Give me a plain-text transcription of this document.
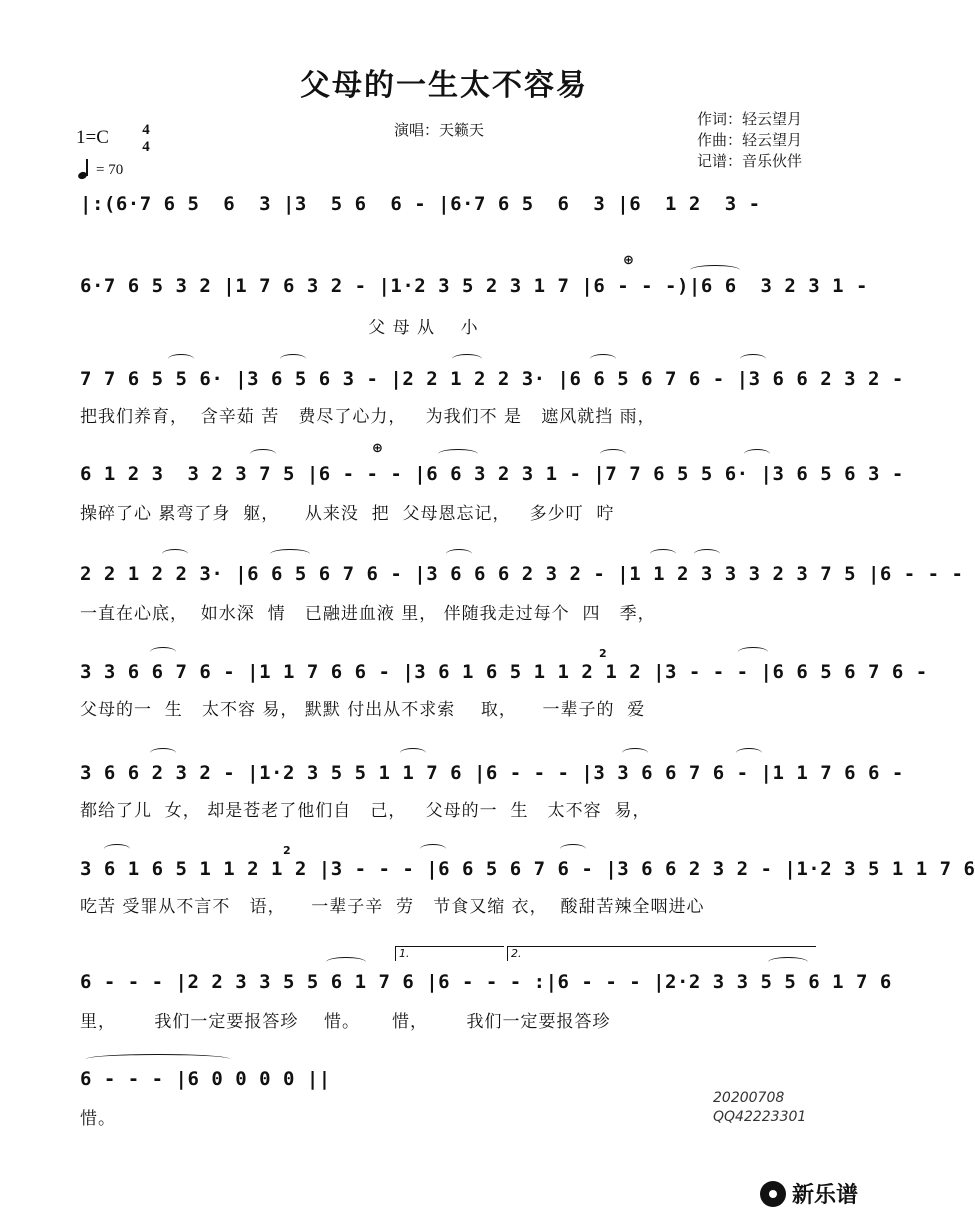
父母的一生太不容易
1=C 4
4
= 70
演唱：天籁天
作词：轻云望月
作曲：轻云望月
记谱：音乐伙伴
|:(6·7 6 5  6  3 |3  5 6  6 - |6·7 6 5  6  3 |6  1 2  3 -
⊕
6·7 6 5 3 2 |1 7 6 3 2 - |1·2 3 5 2 3 1 7 |6 - - -)|6 6  3 2 3 1 -
父 母 从    小
7 7 6 5 5 6· |3 6 5 6 3 - |2 2 1 2 2 3· |6 6 5 6 7 6 - |3 6 6 2 3 2 -
把我们养育，  含辛茹 苦   费尽了心力，   为我们不 是   遮风就挡 雨，
⊕
6 1 2 3  3 2 3 7 5 |6 - - - |6 6 3 2 3 1 - |7 7 6 5 5 6· |3 6 5 6 3 -
操碎了心 累弯了身  躯，    从来没  把  父母恩忘记，   多少叮  咛
2 2 1 2 2 3· |6 6 5 6 7 6 - |3 6 6 6 2 3 2 - |1 1 2 3 3 3 2 3 7 5 |6 - - -
一直在心底，  如水深  情   已融进血液 里， 伴随我走过每个  四   季，
2
3 3 6 6 7 6 - |1 1 7 6 6 - |3 6 1 6 5 1 1 2 1 2 |3 - - - |6 6 5 6 7 6 -
父母的一  生   太不容 易， 默默 付出从不求索    取，    一辈子的  爱
3 6 6 2 3 2 - |1·2 3 5 5 1 1 7 6 |6 - - - |3 3 6 6 7 6 - |1 1 7 6 6 -
都给了儿  女， 却是苍老了他们自   己，   父母的一  生   太不容  易，
2
3 6 1 6 5 1 1 2 1 2 |3 - - - |6 6 5 6 7 6 - |3 6 6 2 3 2 - |1·2 3 5 1 1 7 6
吃苦 受罪从不言不   语，    一辈子辛  劳   节食又缩 衣，  酸甜苦辣全咽进心
1.	2.
6 - - - |2 2 3 3 5 5 6 1 7 6 |6 - - - :|6 - - - |2·2 3 3 5 5 6 1 7 6
里，      我们一定要报答珍    惜。     惜，      我们一定要报答珍
6 - - - |6 0 0 0 0 ||
惜。
20200708
QQ42223301
新乐谱
